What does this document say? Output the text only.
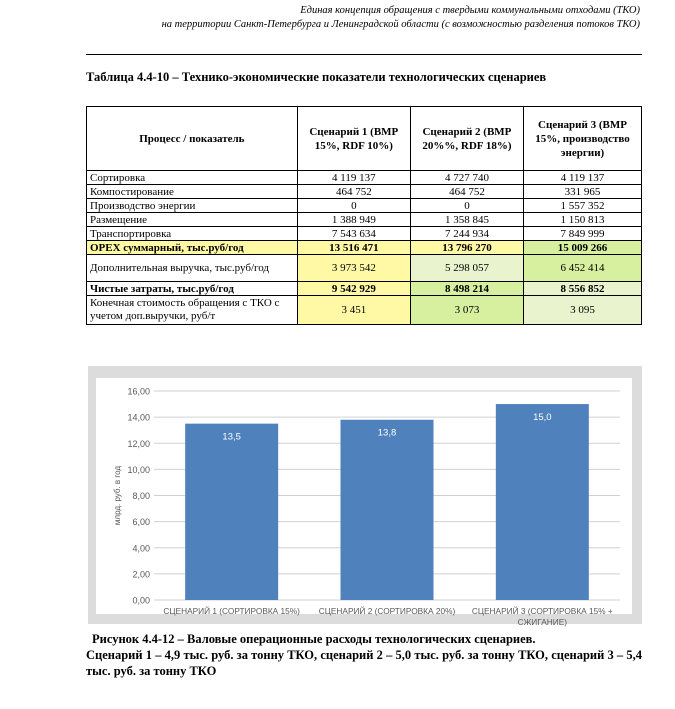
Единая концепция обращения с твердыми коммунальными отходами (ТКО)
на территории Санкт-Петербурга и Ленинградской области (с возможностью разделения потоков ТКО)
Таблица 4.4-10 – Технико-экономические показатели технологических сценариев
Процесс / показатель	Сценарий 1 (ВМР 15%, RDF 10%)	Сценарий 2 (ВМР 20%%, RDF 18%)	Сценарий 3 (ВМР 15%, производство энергии)
Сортировка	4 119 137	4 727 740	4 119 137
Компостирование	464 752	464 752	331 965
Производство энергии	0	0	1 557 352
Размещение	1 388 949	1 358 845	1 150 813
Транспортировка	7 543 634	7 244 934	7 849 999
OPEX суммарный, тыс.руб/год	13 516 471	13 796 270	15 009 266
Дополнительная выручка, тыс.руб/год	3 973 542	5 298 057	6 452 414
Чистые затраты, тыс.руб/год	9 542 929	8 498 214	8 556 852
Конечная стоимость обращения с ТКО с учетом доп.выручки, руб/т	3 451	3 073	3 095
0,00
2,00
4,00
6,00
8,00
10,00
12,00
14,00
16,00
млрд. руб. в год
13,5	13,8
15,0
СЦЕНАРИЙ 1 (СОРТИРОВКА 15%) СЦЕНАРИЙ 2 (СОРТИРОВКА 20%) СЦЕНАРИЙ 3 (СОРТИРОВКА 15% +
СЖИГАНИЕ)
Рисунок 4.4-12 – Валовые операционные расходы технологических сценариев.
Сценарий 1 – 4,9 тыс. руб. за тонну ТКО, сценарий 2 – 5,0 тыс. руб. за тонну ТКО, сценарий 3 – 5,4 тыс. руб. за тонну ТКО
